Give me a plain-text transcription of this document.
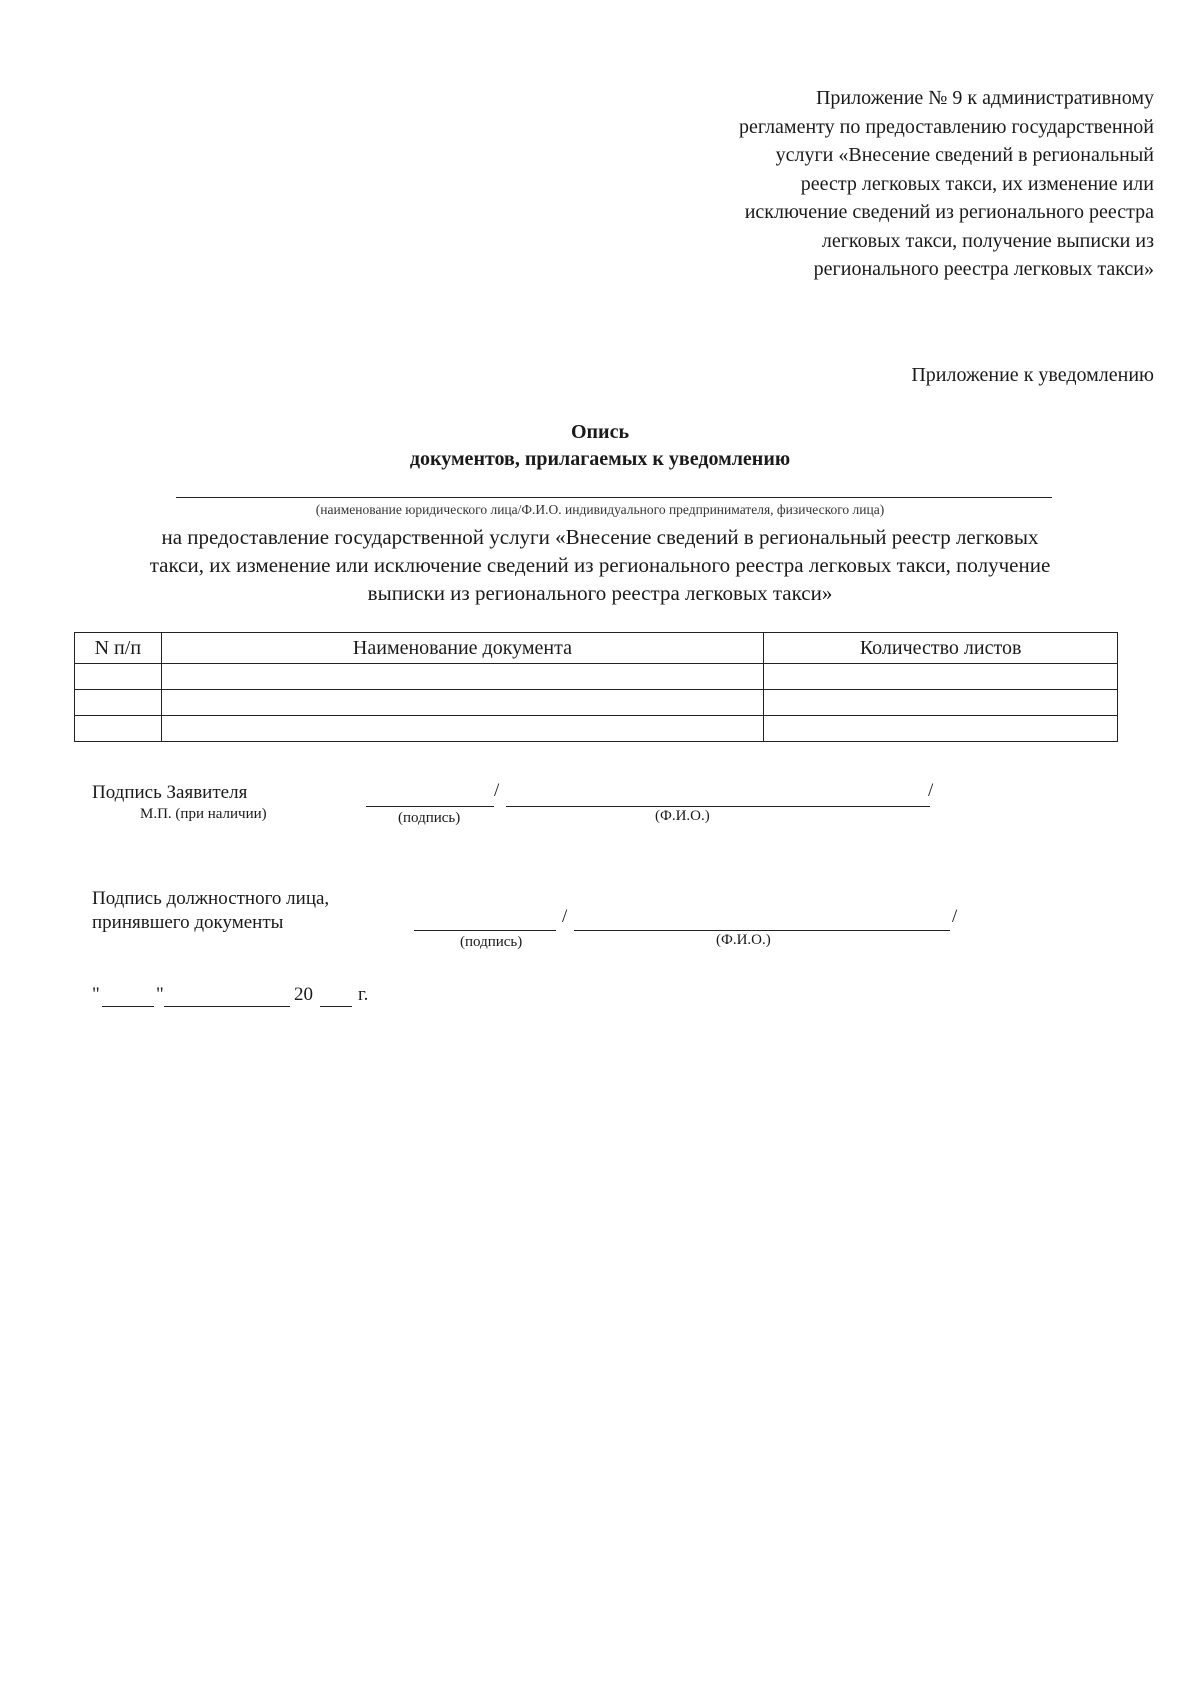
Приложение № 9 к административному
регламенту по предоставлению государственной
услуги «Внесение сведений в региональный
реестр легковых такси, их изменение или
исключение сведений из регионального реестра
легковых такси, получение выписки из
регионального реестра легковых такси»
Приложение к уведомлению
Опись
документов, прилагаемых к уведомлению
(наименование юридического лица/Ф.И.О. индивидуального предпринимателя, физического лица)
на предоставление государственной услуги «Внесение сведений в региональный реестр легковых
такси, их изменение или исключение сведений из регионального реестра легковых такси, получение
выписки из регионального реестра легковых такси»
N п/п	Наименование документа	Количество листов

Подпись Заявителя
М.П. (при наличии)
/	/
(подпись)	(Ф.И.О.)
Подпись должностного лица,
принявшего документы	/	/
(подпись)	(Ф.И.О.)
"	"	20 г.
